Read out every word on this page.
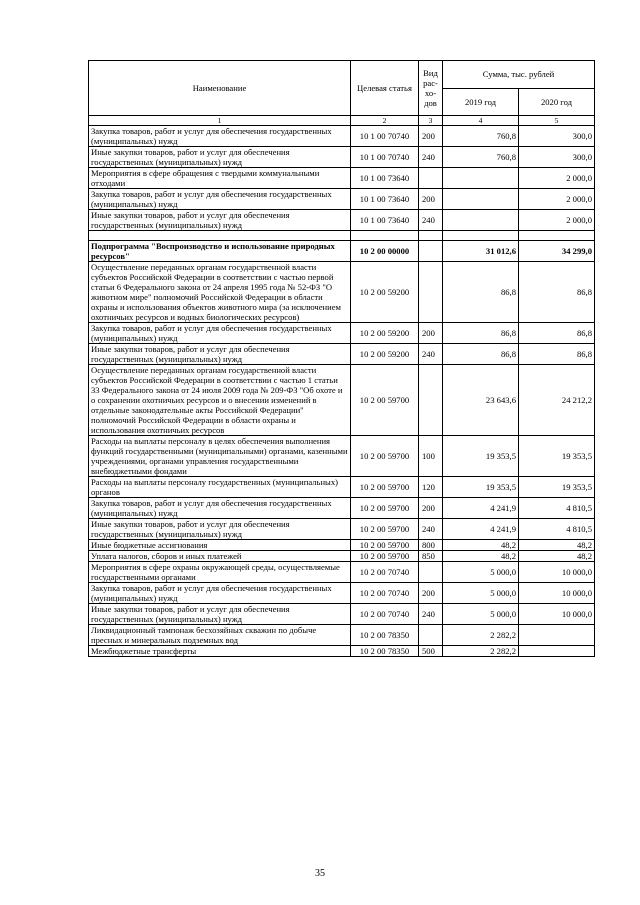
Наименование	Целевая статья	Вид рас-хо-дов	Сумма, тыс. рублей	
			2019 год	2020 год
1	2	3	4	5
Закупка товаров, работ и услуг для обеспечения государственных (муниципальных) нужд	10 1 00 70740	200	760,8	300,0
Иные закупки товаров, работ и услуг для обеспечения государственных (муниципальных) нужд	10 1 00 70740	240	760,8	300,0
Мероприятия в сфере обращения с твердыми коммунальными отходами	10 1 00 73640			2 000,0
Закупка товаров, работ и услуг для обеспечения государственных (муниципальных) нужд	10 1 00 73640	200		2 000,0
Иные закупки товаров, работ и услуг для обеспечения государственных (муниципальных) нужд	10 1 00 73640	240		2 000,0

Подпрограмма "Воспроизводство и использование природных ресурсов"	10 2 00 00000		31 012,6	34 299,0
Осуществление переданных органам государственной власти субъектов Российской Федерации в соответствии с частью первой статьи 6 Федерального закона от 24 апреля 1995 года № 52-ФЗ "О животном мире" полномочий Российской Федерации в области охраны и использования объектов животного мира (за исключением охотничьих ресурсов и водных биологических ресурсов)	10 2 00 59200		86,8	86,8
Закупка товаров, работ и услуг для обеспечения государственных (муниципальных) нужд	10 2 00 59200	200	86,8	86,8
Иные закупки товаров, работ и услуг для обеспечения государственных (муниципальных) нужд	10 2 00 59200	240	86,8	86,8
Осуществление переданных органам государственной власти субъектов Российской Федерации в соответствии с частью 1 статьи 33 Федерального закона от 24 июля 2009 года № 209-ФЗ "Об охоте и о сохранении охотничьих ресурсов и о внесении изменений в отдельные законодательные акты Российской Федерации" полномочий Российской Федерации в области охраны и использования охотничьих ресурсов	10 2 00 59700		23 643,6	24 212,2
Расходы на выплаты персоналу в целях обеспечения выполнения функций государственными (муниципальными) органами, казенными учреждениями, органами управления государственными внебюджетными фондами	10 2 00 59700	100	19 353,5	19 353,5
Расходы на выплаты персоналу государственных (муниципальных) органов	10 2 00 59700	120	19 353,5	19 353,5
Закупка товаров, работ и услуг для обеспечения государственных (муниципальных) нужд	10 2 00 59700	200	4 241,9	4 810,5
Иные закупки товаров, работ и услуг для обеспечения государственных (муниципальных) нужд	10 2 00 59700	240	4 241,9	4 810,5
Иные бюджетные ассигнования	10 2 00 59700	800	48,2	48,2
Уплата налогов, сборов и иных платежей	10 2 00 59700	850	48,2	48,2
Мероприятия в сфере охраны окружающей среды, осуществляемые государственными органами	10 2 00 70740		5 000,0	10 000,0
Закупка товаров, работ и услуг для обеспечения государственных (муниципальных) нужд	10 2 00 70740	200	5 000,0	10 000,0
Иные закупки товаров, работ и услуг для обеспечения государственных (муниципальных) нужд	10 2 00 70740	240	5 000,0	10 000,0
Ликвидационный тампонаж бесхозяйных скважин по добыче пресных и минеральных подземных вод	10 2 00 78350		2 282,2	
Межбюджетные трансферты	10 2 00 78350	500	2 282,2	
35
